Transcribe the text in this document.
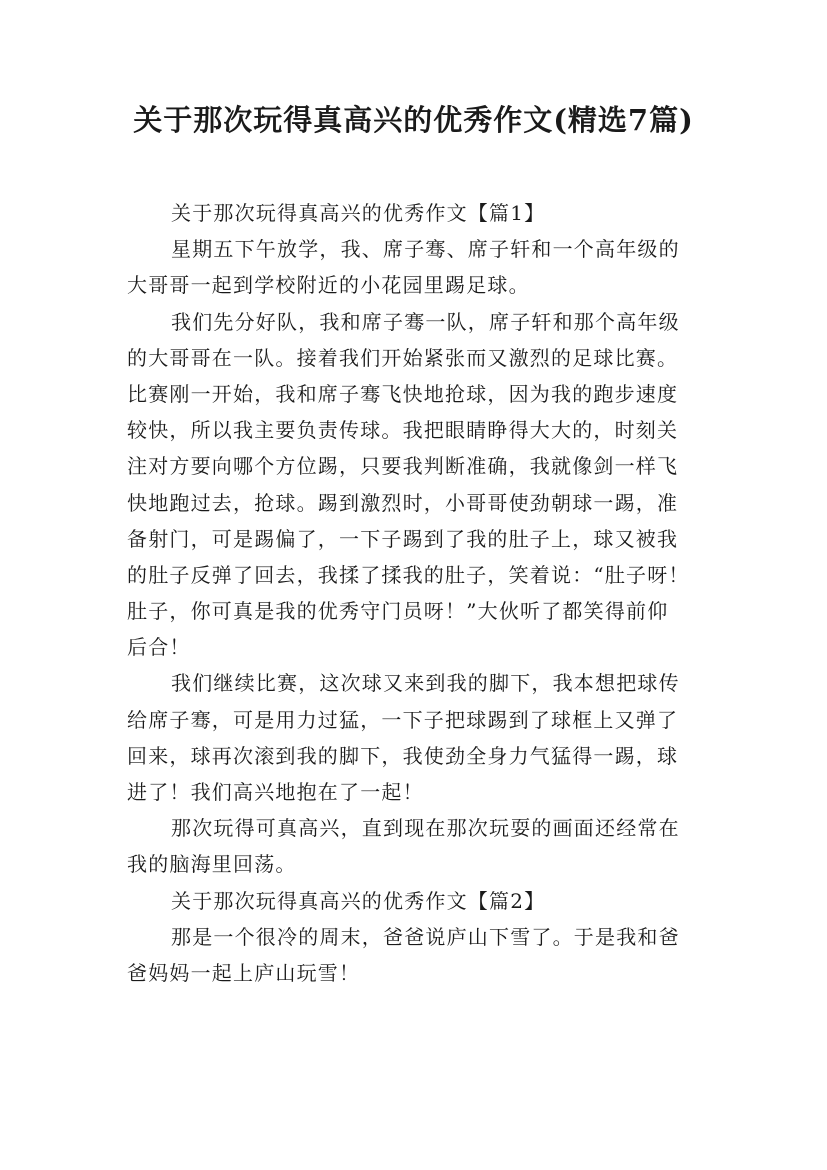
关于那次玩得真高兴的优秀作文(精选7篇)
关于那次玩得真高兴的优秀作文【篇1】
星期五下午放学，我、席子骞、席子轩和一个高年级的
大哥哥一起到学校附近的小花园里踢足球。
我们先分好队，我和席子骞一队，席子轩和那个高年级
的大哥哥在一队。接着我们开始紧张而又激烈的足球比赛。
比赛刚一开始，我和席子骞飞快地抢球，因为我的跑步速度
较快，所以我主要负责传球。我把眼睛睁得大大的，时刻关
注对方要向哪个方位踢，只要我判断准确，我就像剑一样飞
快地跑过去，抢球。踢到激烈时，小哥哥使劲朝球一踢，准
备射门，可是踢偏了，一下子踢到了我的肚子上，球又被我
的肚子反弹了回去，我揉了揉我的肚子，笑着说：“肚子呀！
肚子，你可真是我的优秀守门员呀！”大伙听了都笑得前仰
后合！
我们继续比赛，这次球又来到我的脚下，我本想把球传
给席子骞，可是用力过猛，一下子把球踢到了球框上又弹了
回来，球再次滚到我的脚下，我使劲全身力气猛得一踢，球
进了！我们高兴地抱在了一起！
那次玩得可真高兴，直到现在那次玩耍的画面还经常在
我的脑海里回荡。
关于那次玩得真高兴的优秀作文【篇2】
那是一个很冷的周末，爸爸说庐山下雪了。于是我和爸
爸妈妈一起上庐山玩雪！
